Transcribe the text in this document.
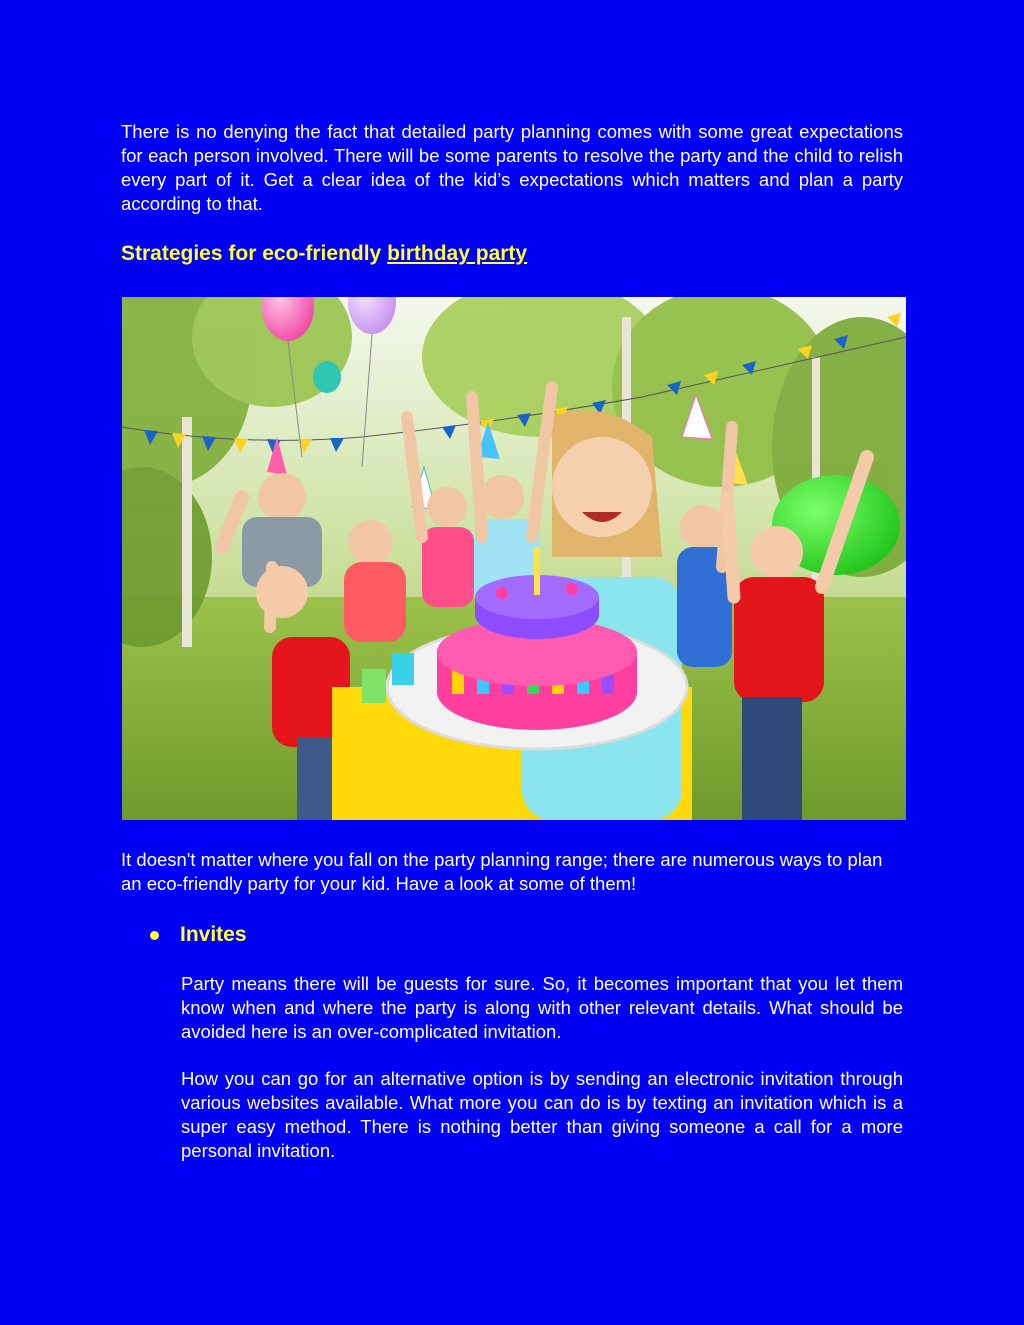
There is no denying the fact that detailed party planning comes with some great expectations for each person involved. There will be some parents to resolve the party and the child to relish every part of it. Get a clear idea of the kid’s expectations which matters and plan a party according to that.

Strategies for eco-friendly birthday party

It doesn't matter where you fall on the party planning range; there are numerous ways to plan an eco-friendly party for your kid. Have a look at some of them!

Invites

Party means there will be guests for sure. So, it becomes important that you let them know when and where the party is along with other relevant details. What should be avoided here is an over-complicated invitation.

How you can go for an alternative option is by sending an electronic invitation through various websites available. What more you can do is by texting an invitation which is a super easy method. There is nothing better than giving someone a call for a more personal invitation.
